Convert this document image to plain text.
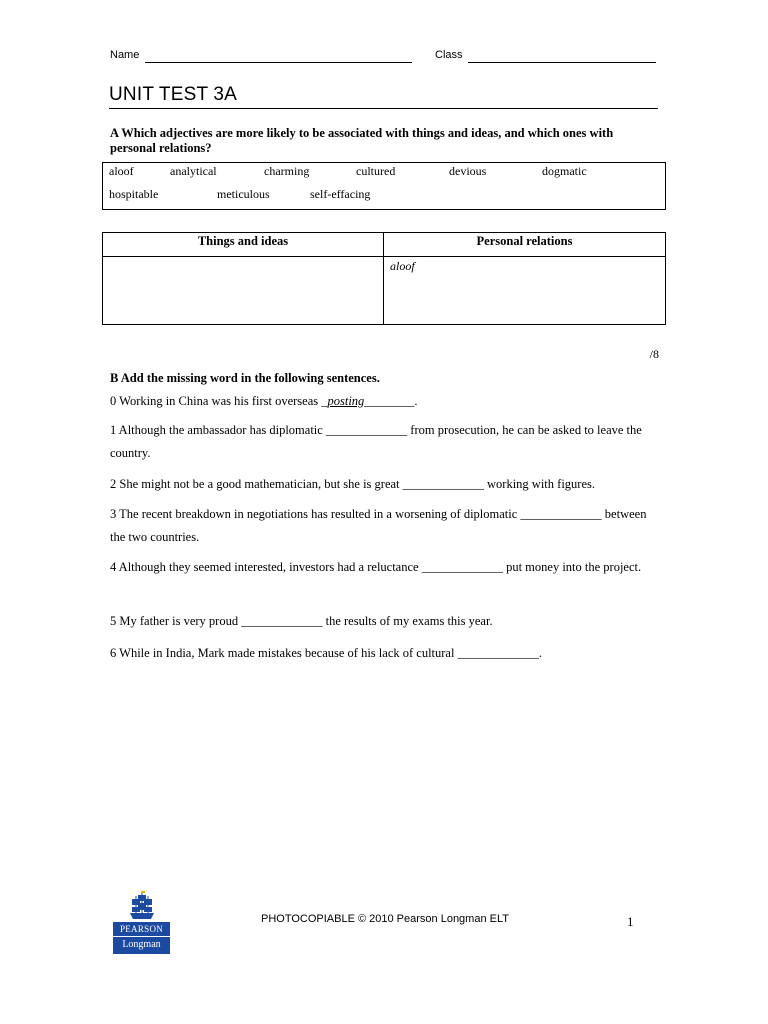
Name	Class
UNIT TEST 3A
A Which adjectives are more likely to be associated with things and ideas, and which ones with personal relations?
aloof	analytical	charming	cultured	devious	dogmatic
hospitable	meticulous	self-effacing
Things and ideas	Personal relations

	aloof
/8
B Add the missing word in the following sentences.
0 Working in China was his first overseas _posting________.
1 Although the ambassador has diplomatic _____________ from prosecution, he can be asked to leave the country.
2 She might not be a good mathematician, but she is great _____________ working with figures.
3 The recent breakdown in negotiations has resulted in a worsening of diplomatic _____________ between the two countries.
4 Although they seemed interested, investors had a reluctance _____________ put money into the project.
5 My father is very proud _____________ the results of my exams this year.
6 While in India, Mark made mistakes because of his lack of cultural _____________.
PEARSON
Longman
PHOTOCOPIABLE © 2010 Pearson Longman ELT	1
